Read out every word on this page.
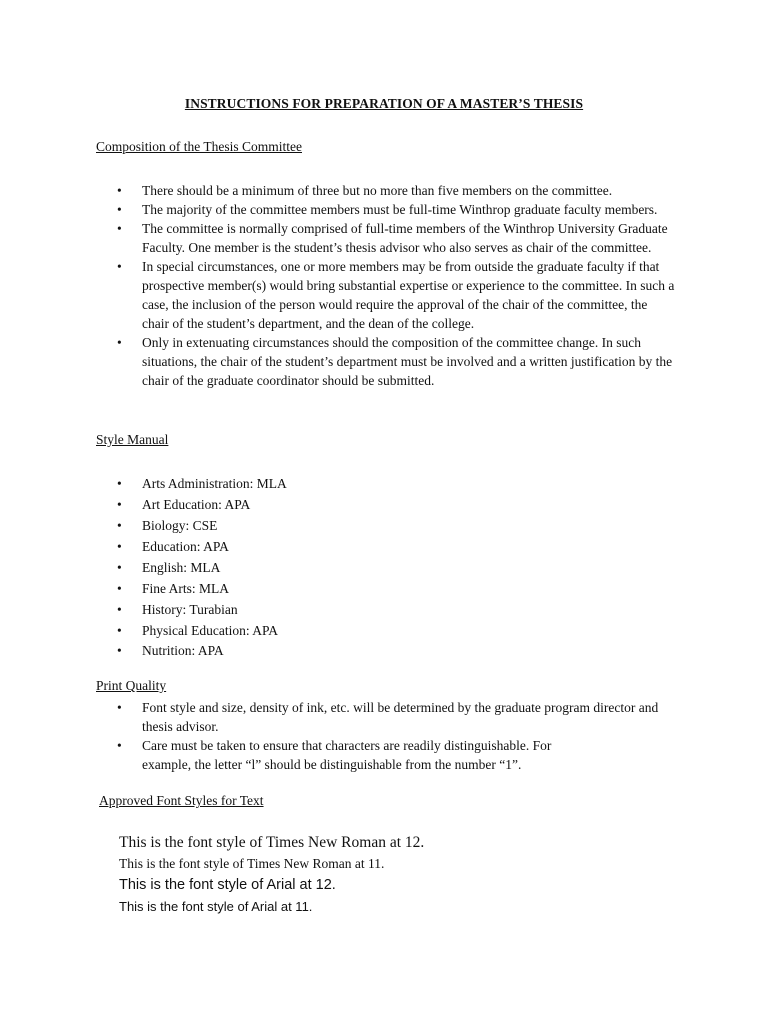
INSTRUCTIONS FOR PREPARATION OF A MASTER’S THESIS
Composition of the Thesis Committee
• There should be a minimum of three but no more than five members on the committee.
• The majority of the committee members must be full-time Winthrop graduate faculty members.
• The committee is normally comprised of full-time members of the Winthrop University Graduate Faculty. One member is the student’s thesis advisor who also serves as chair of the committee.
• In special circumstances, one or more members may be from outside the graduate faculty if that prospective member(s) would bring substantial expertise or experience to the committee. In such a case, the inclusion of the person would require the approval of the chair of the committee, the chair of the student’s department, and the dean of the college.
• Only in extenuating circumstances should the composition of the committee change. In such situations, the chair of the student’s department must be involved and a written justification by the chair of the graduate coordinator should be submitted.
Style Manual
• Arts Administration: MLA
• Art Education: APA
• Biology: CSE
• Education: APA
• English: MLA
• Fine Arts: MLA
• History: Turabian
• Physical Education: APA
• Nutrition: APA
Print Quality
• Font style and size, density of ink, etc. will be determined by the graduate program director and thesis advisor.
• Care must be taken to ensure that characters are readily distinguishable. For example, the letter “l” should be distinguishable from the number “1”.
Approved Font Styles for Text
This is the font style of Times New Roman at 12.
This is the font style of Times New Roman at 11.
This is the font style of Arial at 12.
This is the font style of Arial at 11.
